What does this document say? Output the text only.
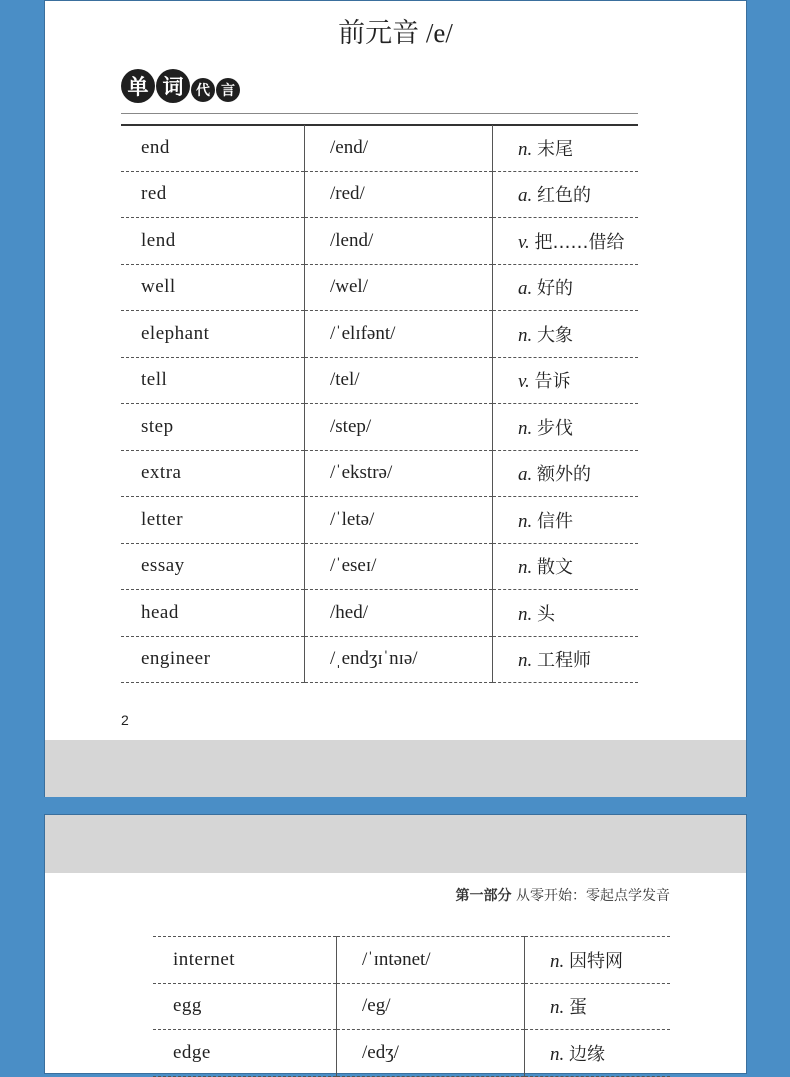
前元音 /e/
单 词 代 言
end	/end/	n. 末尾
red	/red/	a. 红色的
lend	/lend/	v. 把……借给
well	/wel/	a. 好的
elephant	/ˈelɪfənt/	n. 大象
tell	/tel/	v. 告诉
step	/step/	n. 步伐
extra	/ˈekstrə/	a. 额外的
letter	/ˈletə/	n. 信件
essay	/ˈeseɪ/	n. 散文
head	/hed/	n. 头
engineer	/ˌendʒɪˈnɪə/	n. 工程师
2
第一部分 从零开始：零起点学发音
internet	/ˈɪntənet/	n. 因特网
egg	/eg/	n. 蛋
edge	/edʒ/	n. 边缘
